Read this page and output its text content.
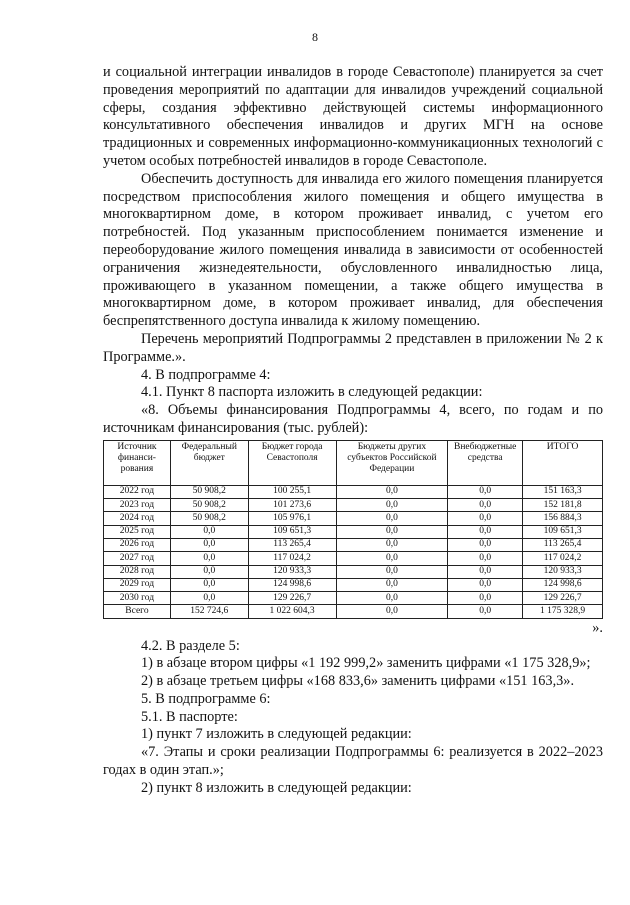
8

и социальной интеграции инвалидов в городе Севастополе) планируется за счет проведения мероприятий по адаптации для инвалидов учреждений социальной сферы, создания эффективно действующей системы информационного консультативного обеспечения инвалидов и других МГН на основе традиционных и современных информационно-коммуникационных технологий с учетом особых потребностей инвалидов в городе Севастополе.

Обеспечить доступность для инвалида его жилого помещения планируется посредством приспособления жилого помещения и общего имущества в многоквартирном доме, в котором проживает инвалид, с учетом его потребностей. Под указанным приспособлением понимается изменение и переоборудование жилого помещения инвалида в зависимости от особенностей ограничения жизнедеятельности, обусловленного инвалидностью лица, проживающего в указанном помещении, а также общего имущества в многоквартирном доме, в котором проживает инвалид, для обеспечения беспрепятственного доступа инвалида к жилому помещению.

Перечень мероприятий Подпрограммы 2 представлен в приложении № 2 к Программе.».

4. В подпрограмме 4:

4.1. Пункт 8 паспорта изложить в следующей редакции:

«8. Объемы финансирования Подпрограммы 4, всего, по годам и по источникам финансирования (тыс. рублей):

Источник финанси-рования	Федеральный бюджет	Бюджет города Севастополя	Бюджеты других субъектов Российской Федерации	Внебюджетные средства	ИТОГО
2022 год	50 908,2	100 255,1	0,0	0,0	151 163,3
2023 год	50 908,2	101 273,6	0,0	0,0	152 181,8
2024 год	50 908,2	105 976,1	0,0	0,0	156 884,3
2025 год	0,0	109 651,3	0,0	0,0	109 651,3
2026 год	0,0	113 265,4	0,0	0,0	113 265,4
2027 год	0,0	117 024,2	0,0	0,0	117 024,2
2028 год	0,0	120 933,3	0,0	0,0	120 933,3
2029 год	0,0	124 998,6	0,0	0,0	124 998,6
2030 год	0,0	129 226,7	0,0	0,0	129 226,7
Всего	152 724,6	1 022 604,3	0,0	0,0	1 175 328,9

».

4.2. В разделе 5:

1) в абзаце втором цифры «1 192 999,2» заменить цифрами «1 175 328,9»;

2) в абзаце третьем цифры «168 833,6» заменить цифрами «151 163,3».

5. В подпрограмме 6:

5.1. В паспорте:

1) пункт 7 изложить в следующей редакции:

«7. Этапы и сроки реализации Подпрограммы 6: реализуется в 2022–2023 годах в один этап.»;

2) пункт 8 изложить в следующей редакции:
